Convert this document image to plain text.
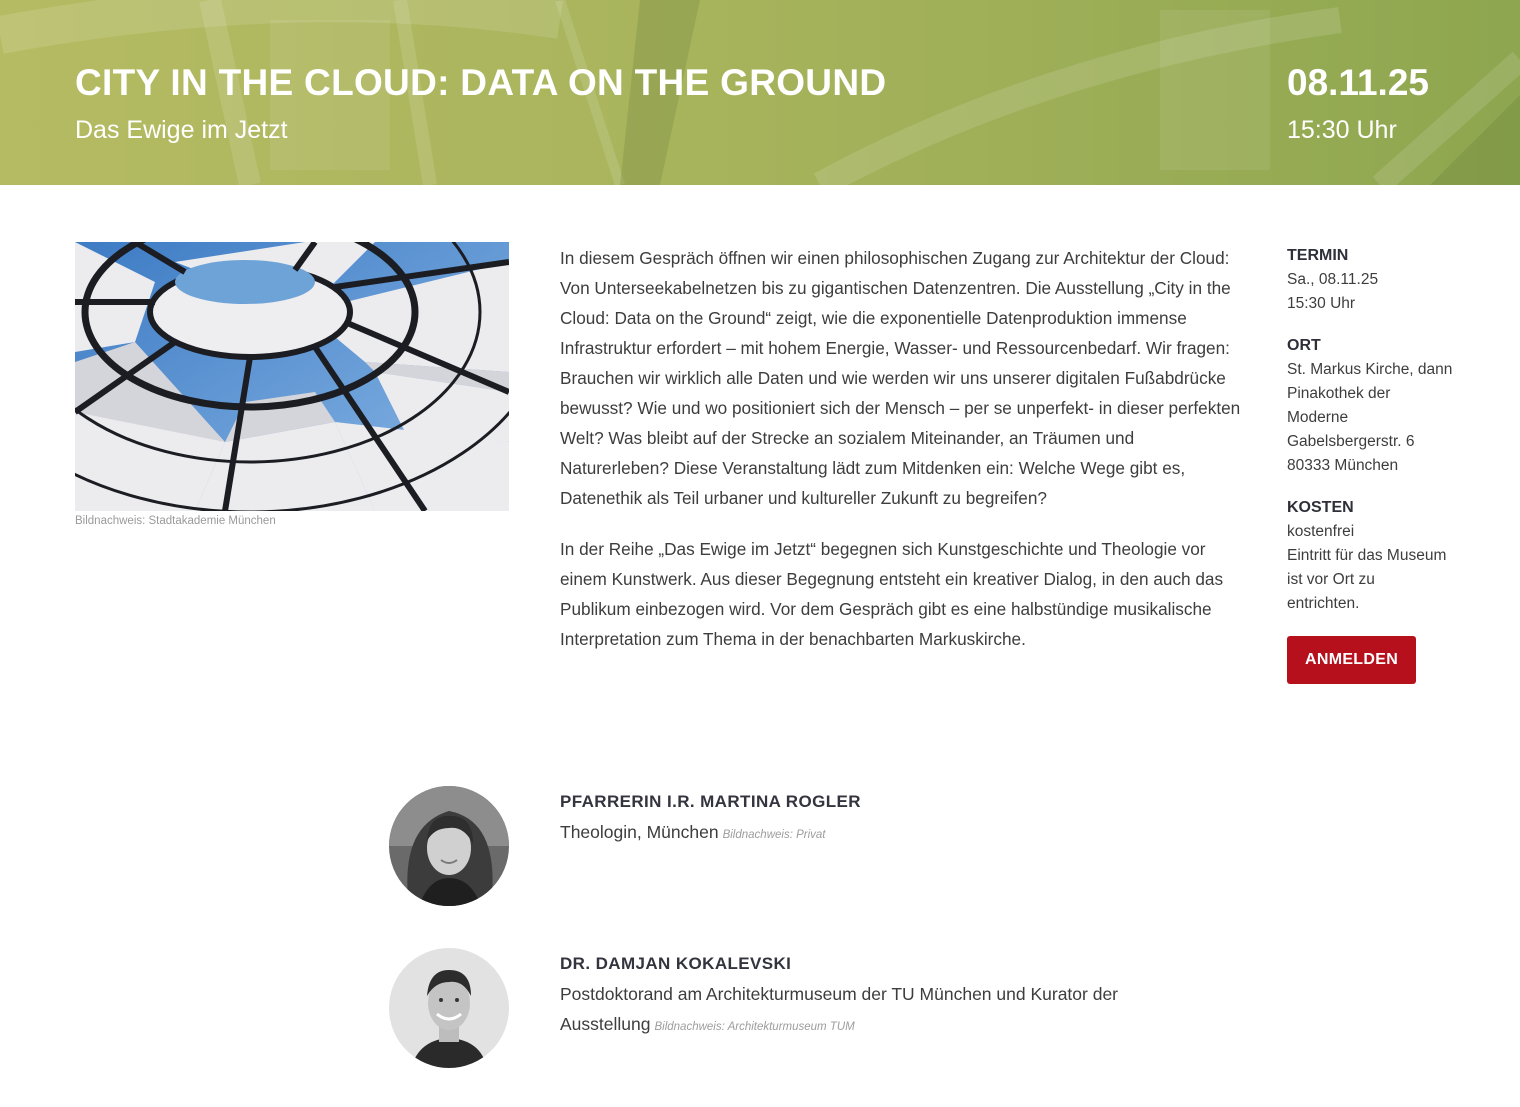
CITY IN THE CLOUD: DATA ON THE GROUND
Das Ewige im Jetzt
08.11.25
15:30 Uhr
Bildnachweis: Stadtakademie München

In diesem Gespräch öffnen wir einen philosophischen Zugang zur Architektur der Cloud: Von Unterseekabelnetzen bis zu gigantischen Datenzentren. Die Ausstellung „City in the Cloud: Data on the Ground“ zeigt, wie die exponentielle Datenproduktion immense Infrastruktur erfordert – mit hohem Energie, Wasser- und Ressourcenbedarf. Wir fragen: Brauchen wir wirklich alle Daten und wie werden wir uns unserer digitalen Fußabdrücke bewusst? Wie und wo positioniert sich der Mensch – per se unperfekt- in dieser perfekten Welt? Was bleibt auf der Strecke an sozialem Miteinander, an Träumen und Naturerleben? Diese Veranstaltung lädt zum Mitdenken ein: Welche Wege gibt es, Datenethik als Teil urbaner und kultureller Zukunft zu begreifen?

In der Reihe „Das Ewige im Jetzt“ begegnen sich Kunstgeschichte und Theologie vor einem Kunstwerk. Aus dieser Begegnung entsteht ein kreativer Dialog, in den auch das Publikum einbezogen wird. Vor dem Gespräch gibt es eine halbstündige musikalische Interpretation zum Thema in der benachbarten Markuskirche.

TERMIN
Sa., 08.11.25
15:30 Uhr
ORT
St. Markus Kirche, dann
Pinakothek der
Moderne
Gabelsbergerstr. 6
80333 München
KOSTEN
kostenfrei
Eintritt für das Museum
ist vor Ort zu
entrichten.
ANMELDEN
PFARRERIN I.R. MARTINA ROGLER
Theologin, München Bildnachweis: Privat
DR. DAMJAN KOKALEVSKI
Postdoktorand am Architekturmuseum der TU München und Kurator der Ausstellung Bildnachweis: Architekturmuseum TUM
